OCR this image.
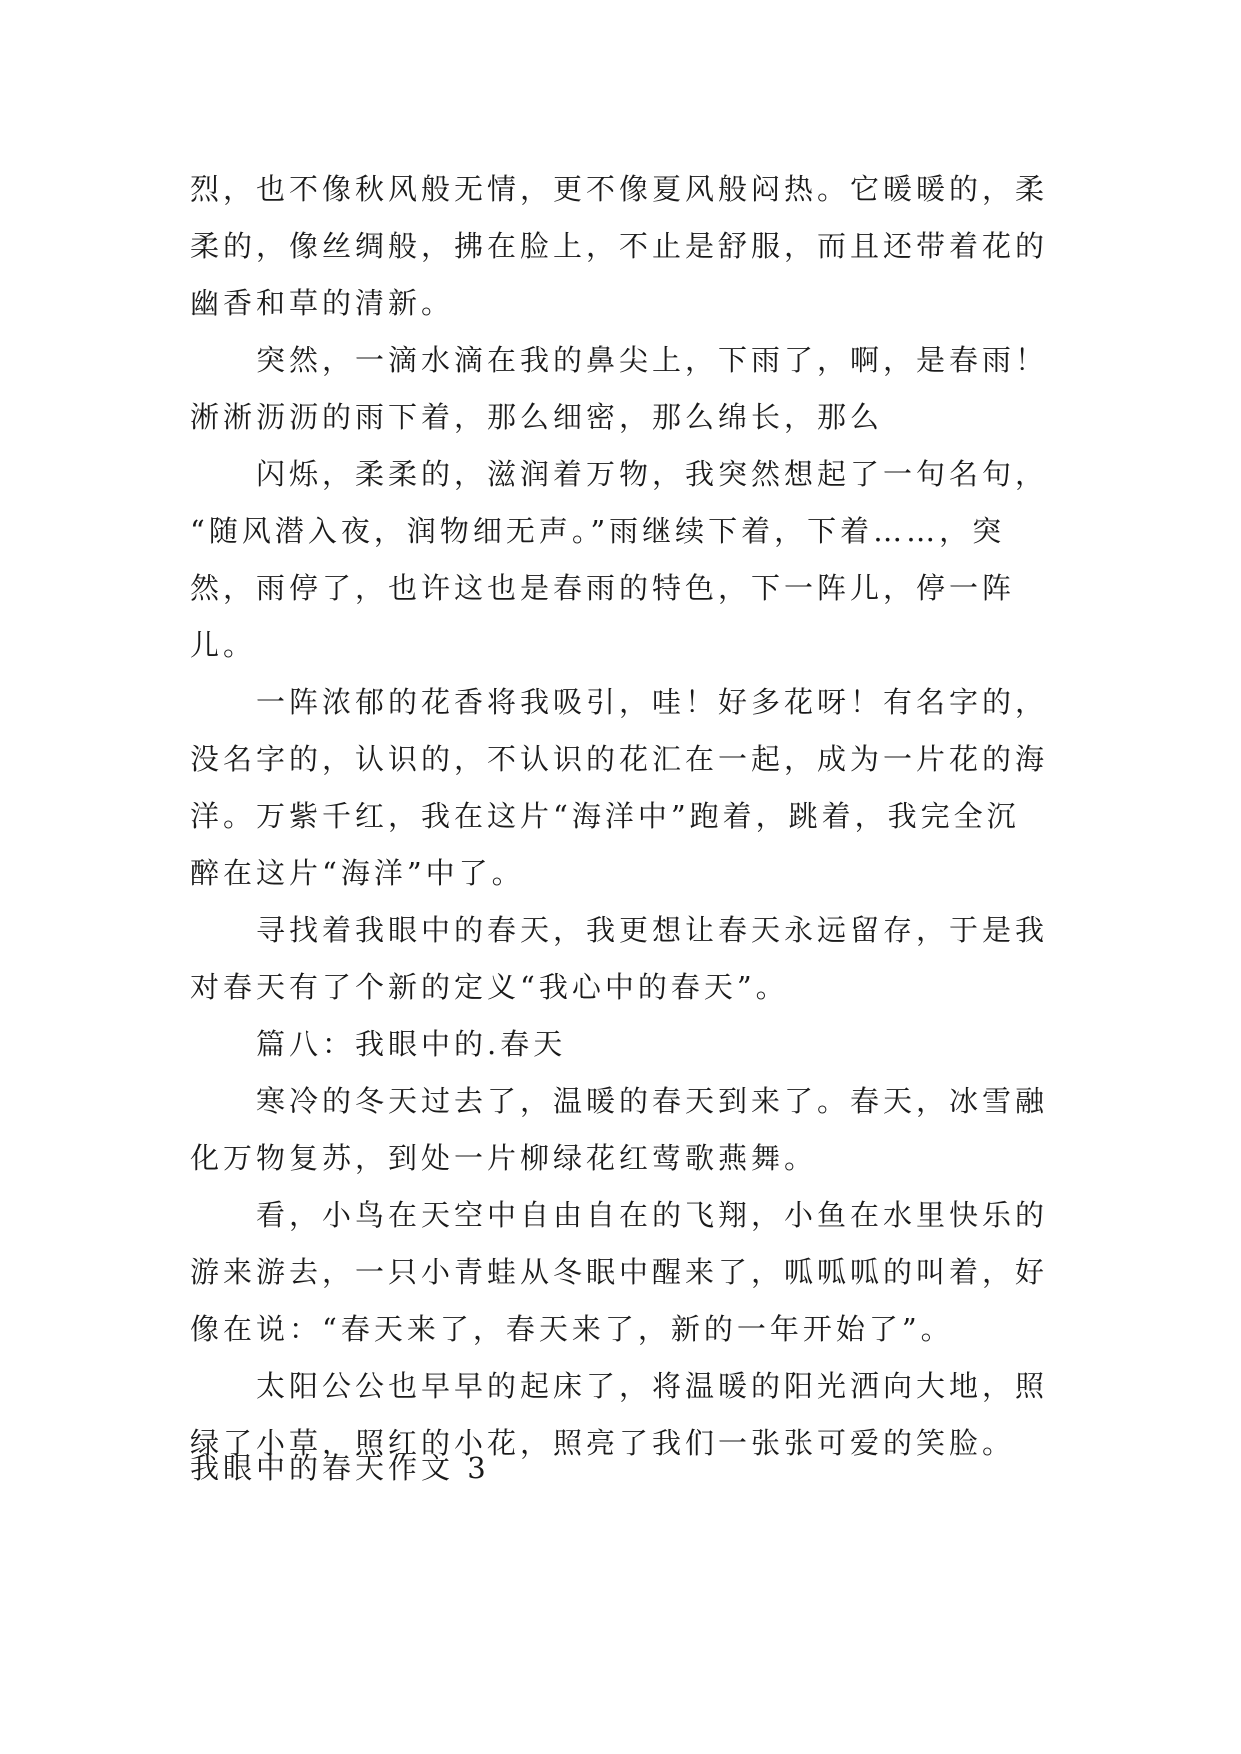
烈，也不像秋风般无情，更不像夏风般闷热。它暖暖的，柔
柔的，像丝绸般，拂在脸上，不止是舒服，而且还带着花的
幽香和草的清新。

突然，一滴水滴在我的鼻尖上，下雨了，啊，是春雨！
淅淅沥沥的雨下着，那么细密，那么绵长，那么

闪烁，柔柔的，滋润着万物，我突然想起了一句名句，
“随风潜入夜，润物细无声。”雨继续下着，下着……，突
然，雨停了，也许这也是春雨的特色，下一阵儿，停一阵儿。

一阵浓郁的花香将我吸引，哇！好多花呀！有名字的，
没名字的，认识的，不认识的花汇在一起，成为一片花的海
洋。万紫千红，我在这片“海洋中”跑着，跳着，我完全沉
醉在这片“海洋”中了。

寻找着我眼中的春天，我更想让春天永远留存，于是我
对春天有了个新的定义“我心中的春天”。

篇八：我眼中的.春天

寒冷的冬天过去了，温暖的春天到来了。春天，冰雪融
化万物复苏，到处一片柳绿花红莺歌燕舞。

看，小鸟在天空中自由自在的飞翔，小鱼在水里快乐的
游来游去，一只小青蛙从冬眠中醒来了，呱呱呱的叫着，好
像在说：“春天来了，春天来了，新的一年开始了”。

太阳公公也早早的起床了，将温暖的阳光洒向大地，照
绿了小草，照红的小花，照亮了我们一张张可爱的笑脸。

我眼中的春天作文 3
